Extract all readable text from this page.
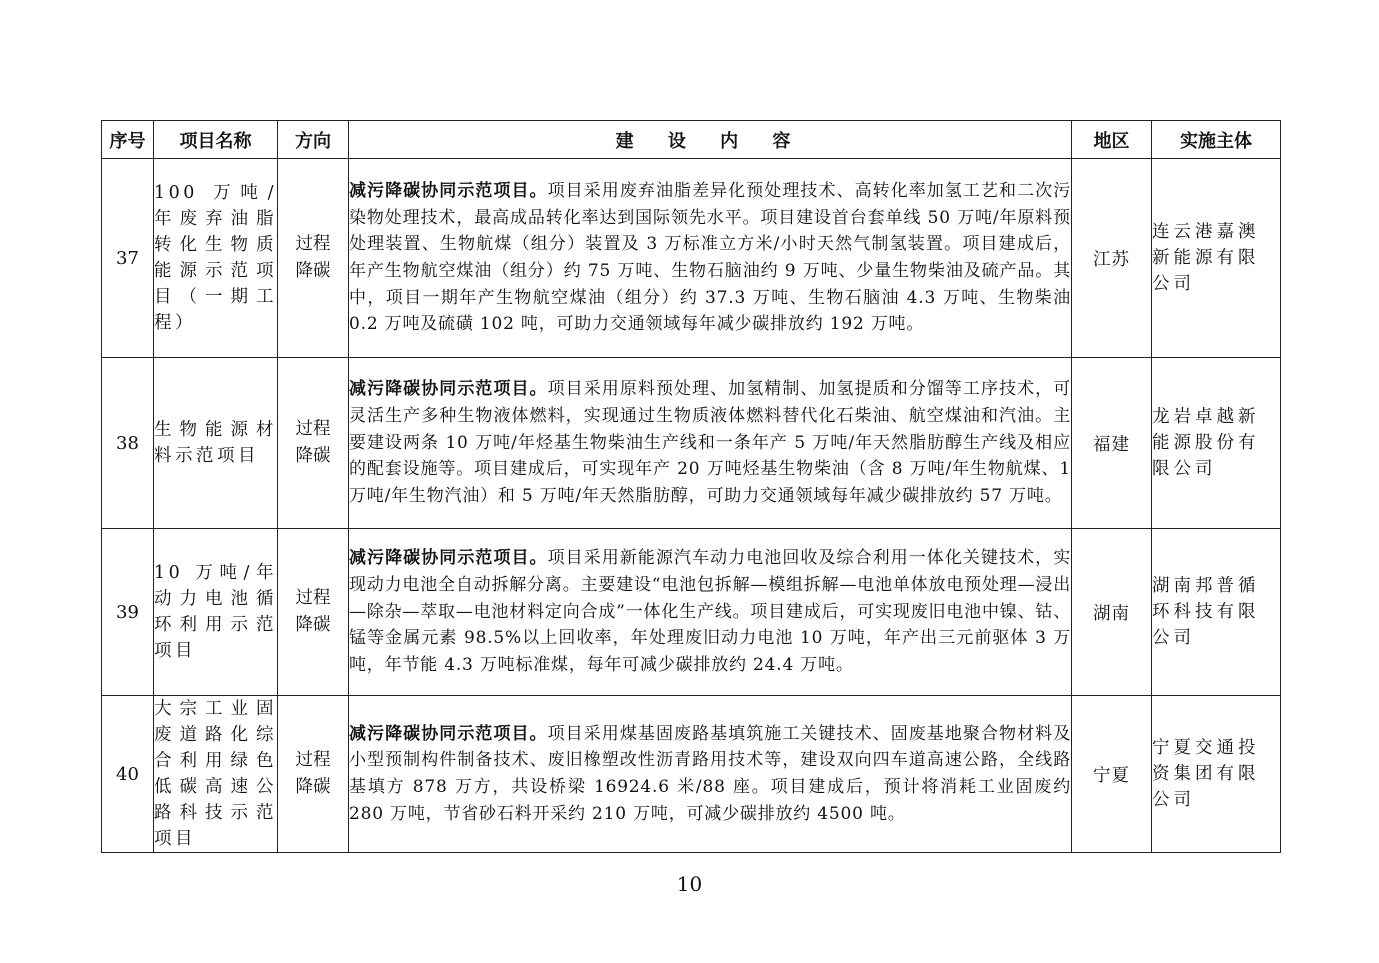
序号	项目名称	方向	建 设 内 容	地区	实施主体
37	100 万吨/年废弃油脂转化生物质能源示范项目（一期工程）	过程降碳	减污降碳协同示范项目。项目采用废弃油脂差异化预处理技术、高转化率加氢工艺和二次污染物处理技术，最高成品转化率达到国际领先水平。项目建设首台套单线 50 万吨/年原料预处理装置、生物航煤（组分）装置及 3 万标准立方米/小时天然气制氢装置。项目建成后，年产生物航空煤油（组分）约 75 万吨、生物石脑油约 9 万吨、少量生物柴油及硫产品。其中，项目一期年产生物航空煤油（组分）约 37.3 万吨、生物石脑油 4.3 万吨、生物柴油 0.2 万吨及硫磺 102 吨，可助力交通领域每年减少碳排放约 192 万吨。	江苏	连云港嘉澳新能源有限公司
38	生物能源材料示范项目	过程降碳	减污降碳协同示范项目。项目采用原料预处理、加氢精制、加氢提质和分馏等工序技术，可灵活生产多种生物液体燃料，实现通过生物质液体燃料替代化石柴油、航空煤油和汽油。主要建设两条 10 万吨/年烃基生物柴油生产线和一条年产 5 万吨/年天然脂肪醇生产线及相应的配套设施等。项目建成后，可实现年产 20 万吨烃基生物柴油（含 8 万吨/年生物航煤、1 万吨/年生物汽油）和 5 万吨/年天然脂肪醇，可助力交通领域每年减少碳排放约 57 万吨。	福建	龙岩卓越新能源股份有限公司
39	10 万吨/年动力电池循环利用示范项目	过程降碳	减污降碳协同示范项目。项目采用新能源汽车动力电池回收及综合利用一体化关键技术，实现动力电池全自动拆解分离。主要建设“电池包拆解—模组拆解—电池单体放电预处理—浸出—除杂—萃取—电池材料定向合成”一体化生产线。项目建成后，可实现废旧电池中镍、钴、锰等金属元素 98.5%以上回收率，年处理废旧动力电池 10 万吨，年产出三元前驱体 3 万吨，年节能 4.3 万吨标准煤，每年可减少碳排放约 24.4 万吨。	湖南	湖南邦普循环科技有限公司
40	大宗工业固废道路化综合利用绿色低碳高速公路科技示范项目	过程降碳	减污降碳协同示范项目。项目采用煤基固废路基填筑施工关键技术、固废基地聚合物材料及小型预制构件制备技术、废旧橡塑改性沥青路用技术等，建设双向四车道高速公路，全线路基填方 878 万方，共设桥梁 16924.6 米/88 座。项目建成后，预计将消耗工业固废约 280 万吨，节省砂石料开采约 210 万吨，可减少碳排放约 4500 吨。	宁夏	宁夏交通投资集团有限公司
10
